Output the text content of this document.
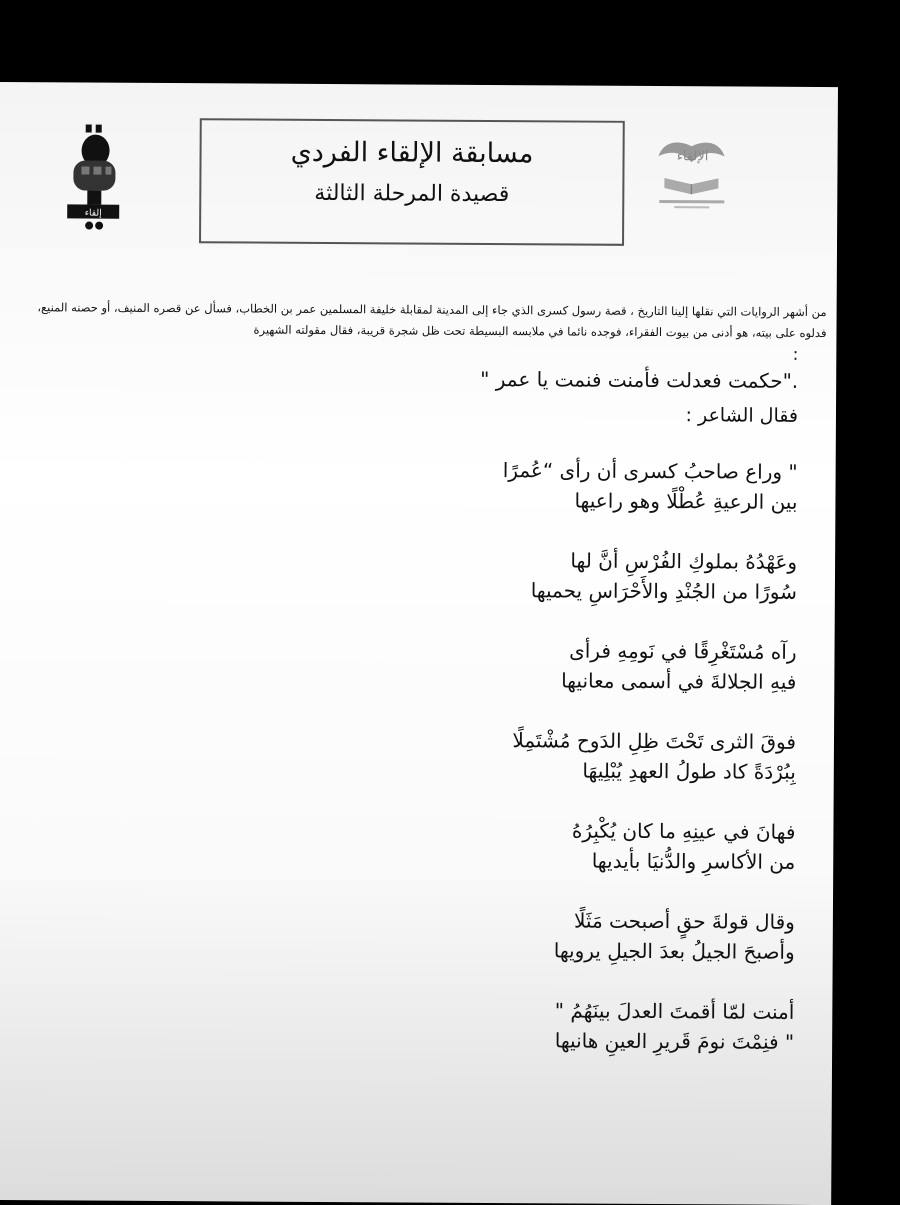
إلقاء
مسابقة الإلقاء الفردي
قصيدة المرحلة الثالثة
الإلقاء
من أشهر الروايات التي نقلها إلينا التاريخ ، قصة رسول كسرى الذي جاء إلى المدينة لمقابلة خليفة المسلمين عمر بن الخطاب، فسأل عن قصره المنيف، أو حصنه المنيع، فدلوه على بيته، هو أدنى من بيوت الفقراء، فوجده نائما في ملابسه البسيطة تحت ظل شجرة قريبة، فقال مقولته الشهيرة
:
."حكمت فعدلت فأمنت فنمت يا عمر "
فقال الشاعر :
" وراع صاحبُ كسرى أن رأى “عُمرًا
بين الرعيةِ عُطْلًا وهو راعيها
وعَهْدُهُ بملوكِ الفُرْسِ أنَّ لها
سُورًا من الجُنْدِ والأَحْرَاسِ يحميها
رآه مُسْتَغْرِقًا في نَومِهِ فرأى
فيهِ الجلالةَ في أسمى معانيها
فوقَ الثرى تَحْتَ ظِلِ الدَوح مُشْتَمِلًا
بِبُرْدَةً كاد طولُ العهدِ يُبْلِيهَا
فهانَ في عينِهِ ما كان يُكْبِرُهُ
من الأكاسرِ والدُّنيَا بأيديها
وقال قولةَ حقٍ أصبحت مَثَلًا
وأصبحَ الجيلُ بعدَ الجيلِ يرويها
أمنت لمّا أقمتَ العدلَ بينَهُمُ "
" فنِمْتَ نومَ قَريرِ العينِ هانيها
